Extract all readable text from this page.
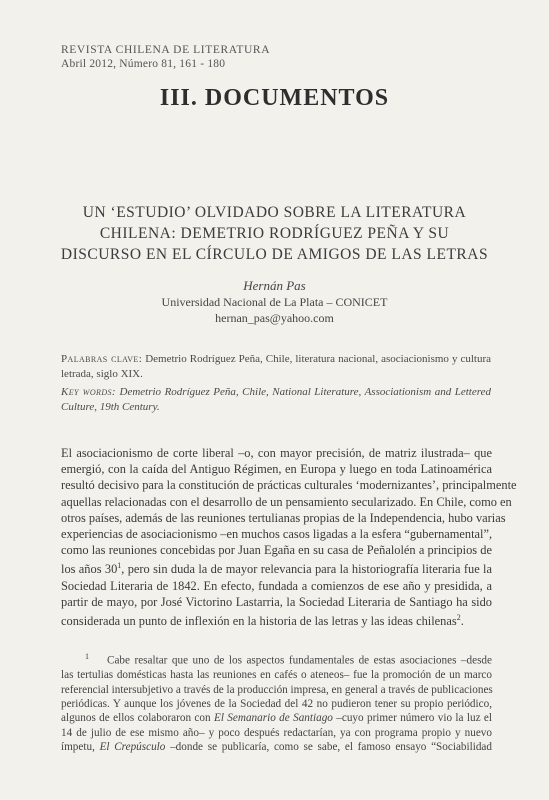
REVISTA CHILENA DE LITERATURA
Abril 2012, Número 81, 161 - 180
III. DOCUMENTOS
UN ‘ESTUDIO’ OLVIDADO SOBRE LA LITERATURA
CHILENA: DEMETRIO RODRÍGUEZ PEÑA Y SU
DISCURSO EN EL CÍRCULO DE AMIGOS DE LAS LETRAS
Hernán Pas
Universidad Nacional de La Plata – CONICET
hernan_pas@yahoo.com
Palabras clave: Demetrio Rodríguez Peña, Chile, literatura nacional, asociacionismo y cultura letrada, siglo XIX.
Key words: Demetrio Rodríguez Peña, Chile, National Literature, Associationism and Lettered Culture, 19th Century.
El asociacionismo de corte liberal –o, con mayor precisión, de matriz ilustrada– que
emergió, con la caída del Antiguo Régimen, en Europa y luego en toda Latinoamérica
resultó decisivo para la constitución de prácticas culturales ‘modernizantes’, principalmente
aquellas relacionadas con el desarrollo de un pensamiento secularizado. En Chile, como en
otros países, además de las reuniones tertulianas propias de la Independencia, hubo varias
experiencias de asociacionismo –en muchos casos ligadas a la esfera “gubernamental”,
como las reuniones concebidas por Juan Egaña en su casa de Peñalolén a principios de
los años 30$^1$, pero sin duda la de mayor relevancia para la historiografía literaria fue la
Sociedad Literaria de 1842. En efecto, fundada a comienzos de ese año y presidida, a
partir de mayo, por José Victorino Lastarria, la Sociedad Literaria de Santiago ha sido
considerada un punto de inflexión en la historia de las letras y las ideas chilenas$^2$.
$^1$ Cabe resaltar que uno de los aspectos fundamentales de estas asociaciones –desde
las tertulias domésticas hasta las reuniones en cafés o ateneos– fue la promoción de un marco
referencial intersubjetivo a través de la producción impresa, en general a través de publicaciones
periódicas. Y aunque los jóvenes de la Sociedad del 42 no pudieron tener su propio periódico,
algunos de ellos colaboraron con El Semanario de Santiago –cuyo primer número vio la luz el
14 de julio de ese mismo año– y poco después redactarían, ya con programa propio y nuevo
ímpetu, El Crepúsculo –donde se publicaría, como se sabe, el famoso ensayo “Sociabilidad
